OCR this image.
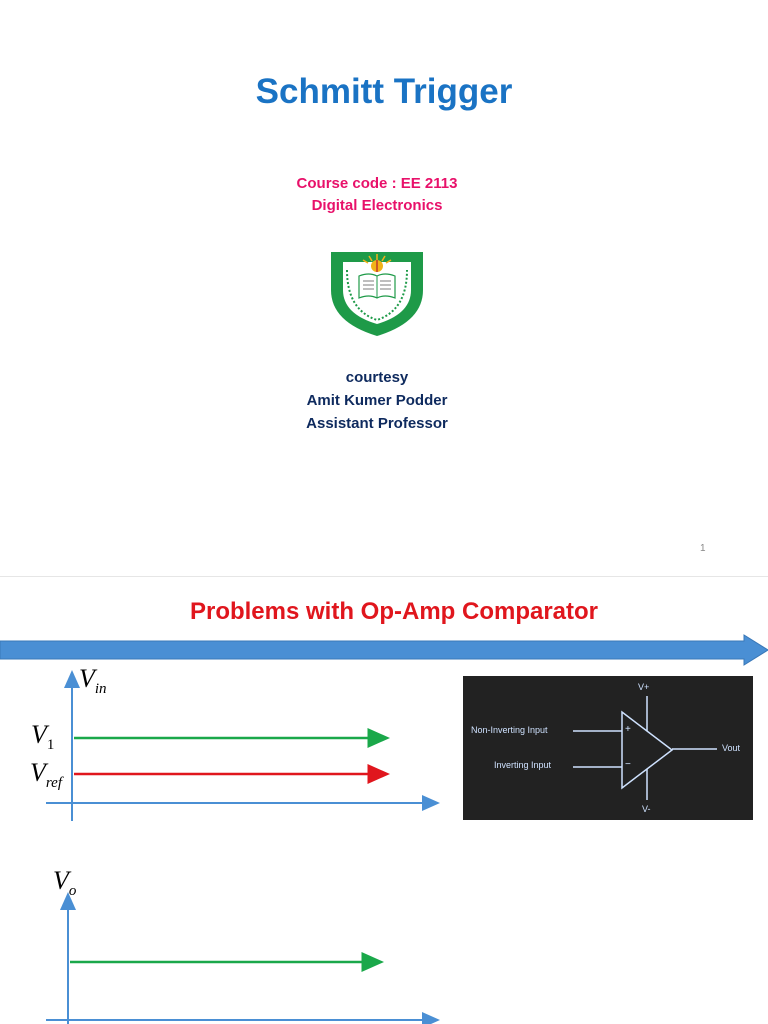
Schmitt Trigger
Course code : EE 2113
Digital Electronics
courtesy
Amit Kumer Podder
Assistant Professor
1
Problems with Op-Amp Comparator
$V_{in}$
$V_1$
$V_{ref}$
$V_o$
V+
V-
Non-Inverting Input
Inverting Input
Vout
+
−
